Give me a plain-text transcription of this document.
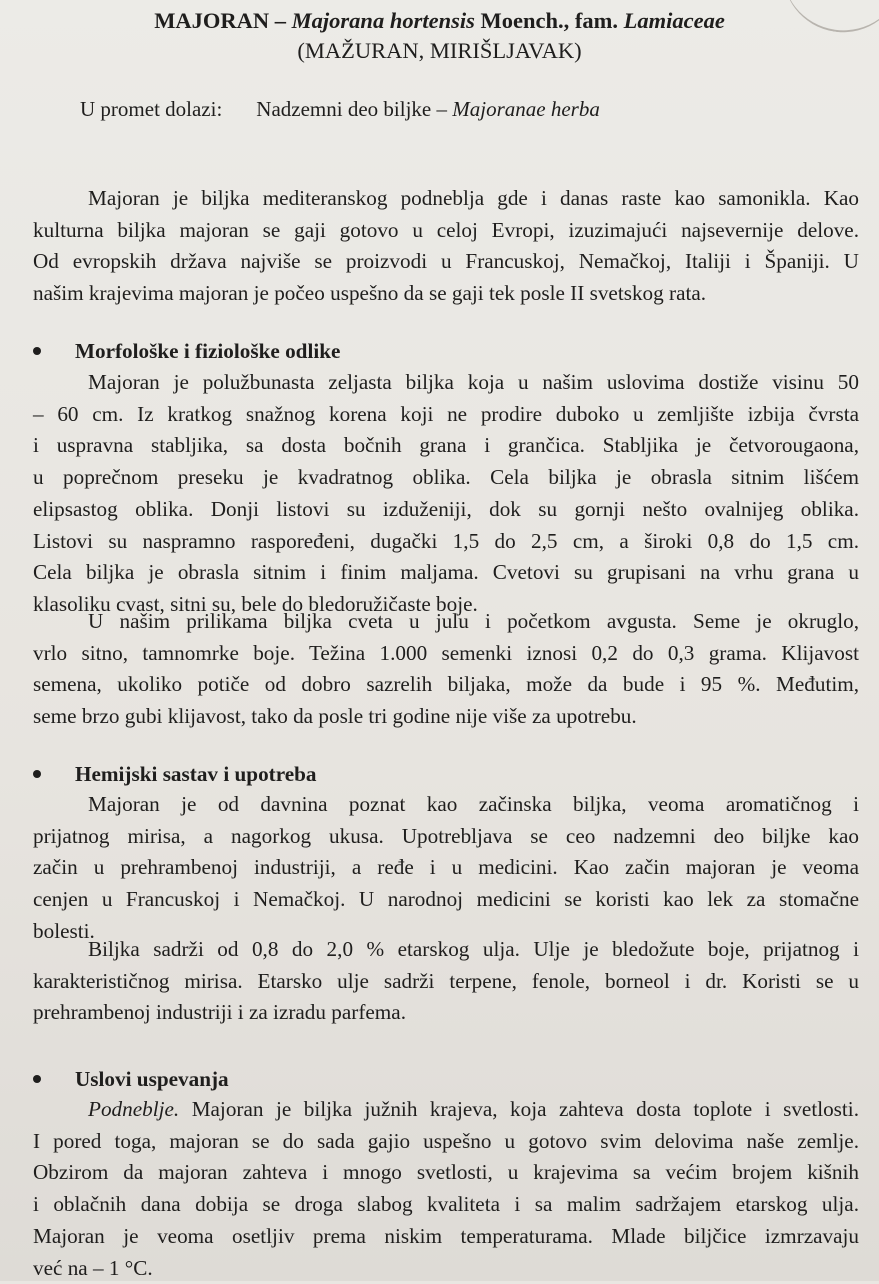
MAJORAN – Majorana hortensis Moench., fam. Lamiaceae
(MAŽURAN, MIRIŠLJAVAK)
U promet dolazi: Nadzemni deo biljke – Majoranae herba
Majoran je biljka mediteranskog podneblja gde i danas raste kao samonikla. Kao
kulturna biljka majoran se gaji gotovo u celoj Evropi, izuzimajući najsevernije delove.
Od evropskih država najviše se proizvodi u Francuskoj, Nemačkoj, Italiji i Španiji. U
našim krajevima majoran je počeo uspešno da se gaji tek posle II svetskog rata.
Morfološke i fiziološke odlike
Majoran je polužbunasta zeljasta biljka koja u našim uslovima dostiže visinu 50
– 60 cm. Iz kratkog snažnog korena koji ne prodire duboko u zemljište izbija čvrsta
i uspravna stabljika, sa dosta bočnih grana i grančica. Stabljika je četvorougaona,
u poprečnom preseku je kvadratnog oblika. Cela biljka je obrasla sitnim lišćem
elipsastog oblika. Donji listovi su izduženiji, dok su gornji nešto ovalnijeg oblika.
Listovi su naspramno raspoređeni, dugački 1,5 do 2,5 cm, a široki 0,8 do 1,5 cm.
Cela biljka je obrasla sitnim i finim maljama. Cvetovi su grupisani na vrhu grana u
klasoliku cvast, sitni su, bele do bledoružičaste boje.
U našim prilikama biljka cveta u julu i početkom avgusta. Seme je okruglo,
vrlo sitno, tamnomrke boje. Težina 1.000 semenki iznosi 0,2 do 0,3 grama. Klijavost
semena, ukoliko potiče od dobro sazrelih biljaka, može da bude i 95 %. Međutim,
seme brzo gubi klijavost, tako da posle tri godine nije više za upotrebu.
Hemijski sastav i upotreba
Majoran je od davnina poznat kao začinska biljka, veoma aromatičnog i
prijatnog mirisa, a nagorkog ukusa. Upotrebljava se ceo nadzemni deo biljke kao
začin u prehrambenoj industriji, a ređe i u medicini. Kao začin majoran je veoma
cenjen u Francuskoj i Nemačkoj. U narodnoj medicini se koristi kao lek za stomačne
bolesti.
Biljka sadrži od 0,8 do 2,0 % etarskog ulja. Ulje je bledožute boje, prijatnog i
karakterističnog mirisa. Etarsko ulje sadrži terpene, fenole, borneol i dr. Koristi se u
prehrambenoj industriji i za izradu parfema.
Uslovi uspevanja
Podneblje. Majoran je biljka južnih krajeva, koja zahteva dosta toplote i svetlosti.
I pored toga, majoran se do sada gajio uspešno u gotovo svim delovima naše zemlje.
Obzirom da majoran zahteva i mnogo svetlosti, u krajevima sa većim brojem kišnih
i oblačnih dana dobija se droga slabog kvaliteta i sa malim sadržajem etarskog ulja.
Majoran je veoma osetljiv prema niskim temperaturama. Mlade biljčice izmrzavaju
već na – 1 °C.
